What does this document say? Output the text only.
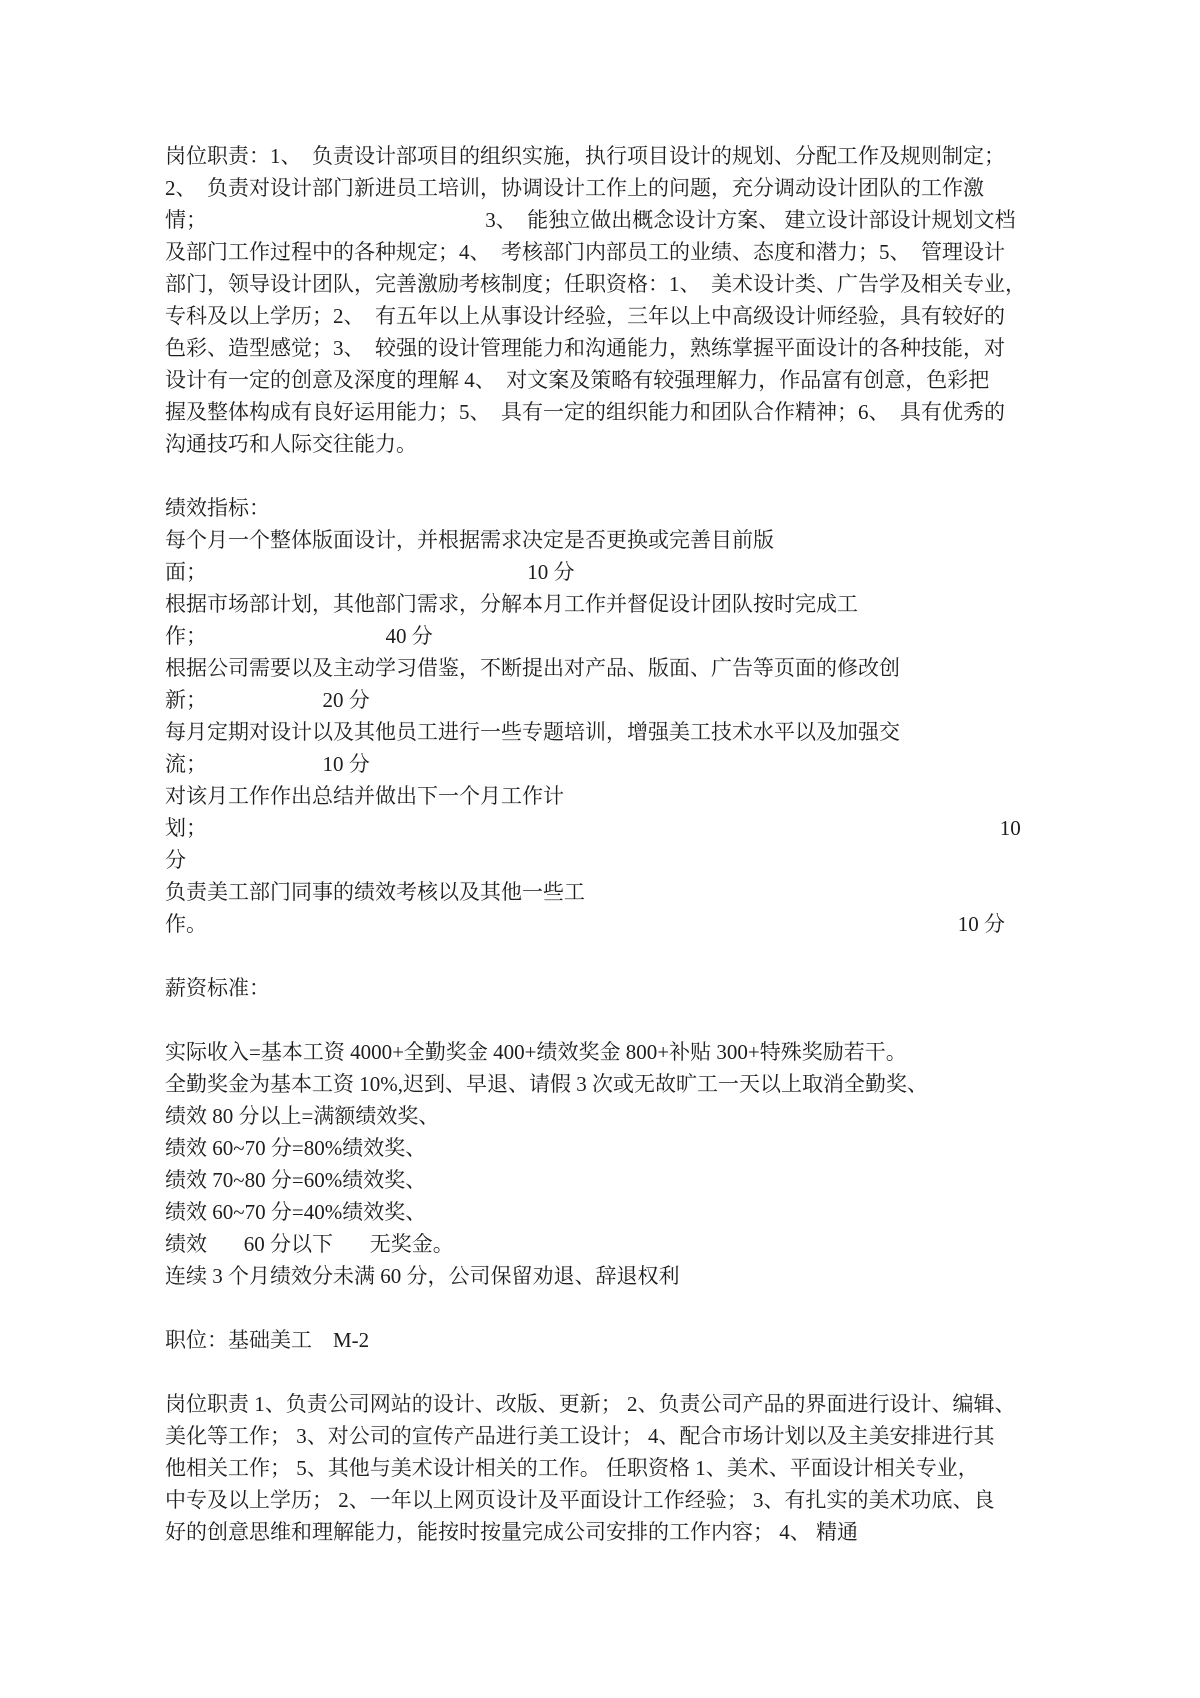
岗位职责：1、  负责设计部项目的组织实施，执行项目设计的规划、分配工作及规则制定；
2、  负责对设计部门新进员工培训，协调设计工作上的问题，充分调动设计团队的工作激
情；                                                     3、  能独立做出概念设计方案、 建立设计部设计规划文档
及部门工作过程中的各种规定；4、  考核部门内部员工的业绩、态度和潜力；5、  管理设计
部门，领导设计团队，完善激励考核制度；任职资格：1、  美术设计类、广告学及相关专业，
专科及以上学历；2、  有五年以上从事设计经验，三年以上中高级设计师经验，具有较好的
色彩、造型感觉；3、  较强的设计管理能力和沟通能力，熟练掌握平面设计的各种技能，对
设计有一定的创意及深度的理解 4、  对文案及策略有较强理解力，作品富有创意，色彩把
握及整体构成有良好运用能力；5、  具有一定的组织能力和团队合作精神；6、  具有优秀的
沟通技巧和人际交往能力。
绩效指标：
每个月一个整体版面设计，并根据需求决定是否更换或完善目前版
面；                                                             10 分
根据市场部计划，其他部门需求，分解本月工作并督促设计团队按时完成工
作；                                  40 分
根据公司需要以及主动学习借鉴，不断提出对产品、版面、广告等页面的修改创
新；                      20 分
每月定期对设计以及其他员工进行一些专题培训，增强美工技术水平以及加强交
流；                      10 分
对该月工作作出总结并做出下一个月工作计
划；                                                                                                                                                       10
分
负责美工部门同事的绩效考核以及其他一些工
作。                                                                                                                                               10 分
薪资标准：
实际收入=基本工资 4000+全勤奖金 400+绩效奖金 800+补贴 300+特殊奖励若干。
全勤奖金为基本工资 10%,迟到、早退、请假 3 次或无故旷工一天以上取消全勤奖、
绩效 80 分以上=满额绩效奖、
绩效 60~70 分=80%绩效奖、
绩效 70~80 分=60%绩效奖、
绩效 60~70 分=40%绩效奖、
绩效       60 分以下       无奖金。
连续 3 个月绩效分未满 60 分，公司保留劝退、辞退权利
职位：基础美工    M-2
岗位职责 1、负责公司网站的设计、改版、更新； 2、负责公司产品的界面进行设计、编辑、
美化等工作； 3、对公司的宣传产品进行美工设计； 4、配合市场计划以及主美安排进行其
他相关工作； 5、其他与美术设计相关的工作。 任职资格 1、美术、平面设计相关专业，
中专及以上学历； 2、一年以上网页设计及平面设计工作经验； 3、有扎实的美术功底、良
好的创意思维和理解能力，能按时按量完成公司安排的工作内容； 4、 精通
